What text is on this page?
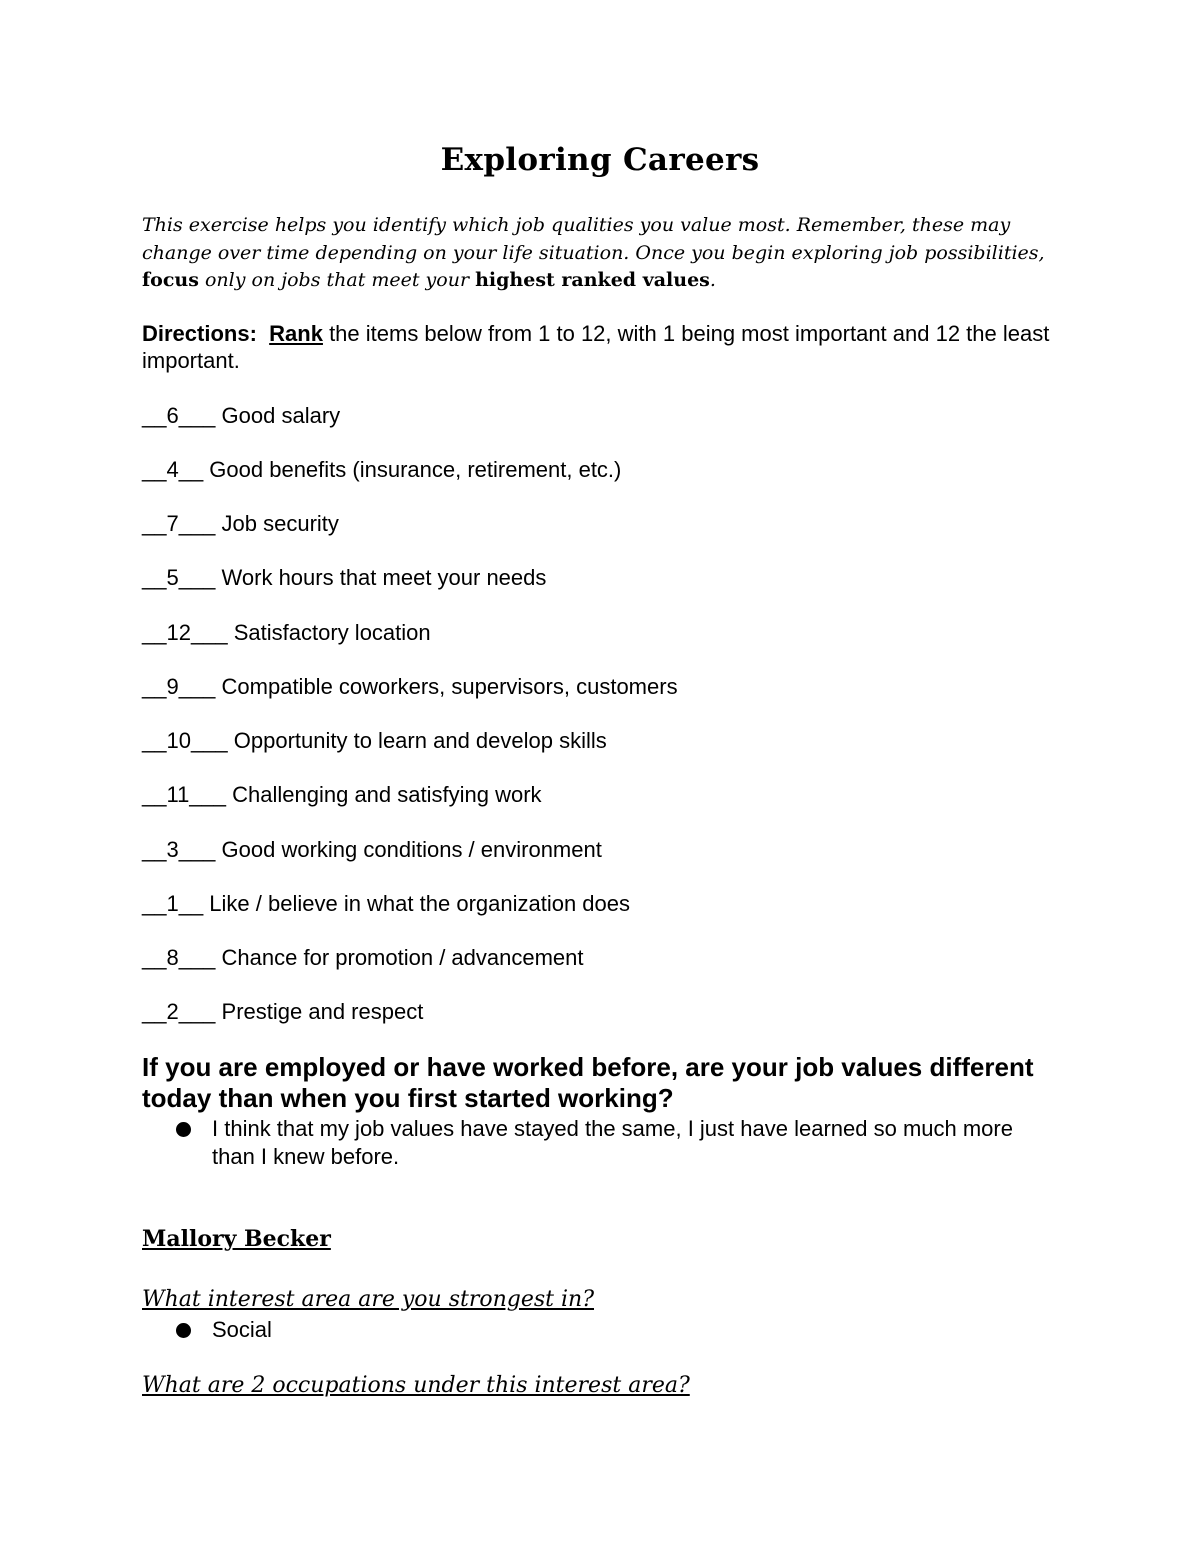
Exploring Careers
This exercise helps you identify which job qualities you value most. Remember, these may change over time depending on your life situation. Once you begin exploring job possibilities, focus only on jobs that meet your highest ranked values.
Directions: Rank the items below from 1 to 12, with 1 being most important and 12 the least important.
__6___ Good salary
__4__ Good benefits (insurance, retirement, etc.)
__7___ Job security
__5___ Work hours that meet your needs
__12___ Satisfactory location
__9___ Compatible coworkers, supervisors, customers
__10___ Opportunity to learn and develop skills
__11___ Challenging and satisfying work
__3___ Good working conditions / environment
__1__ Like / believe in what the organization does
__8___ Chance for promotion / advancement
__2___ Prestige and respect
If you are employed or have worked before, are your job values different today than when you first started working?
I think that my job values have stayed the same, I just have learned so much more than I knew before.
Mallory Becker
What interest area are you strongest in?
Social
What are 2 occupations under this interest area?
